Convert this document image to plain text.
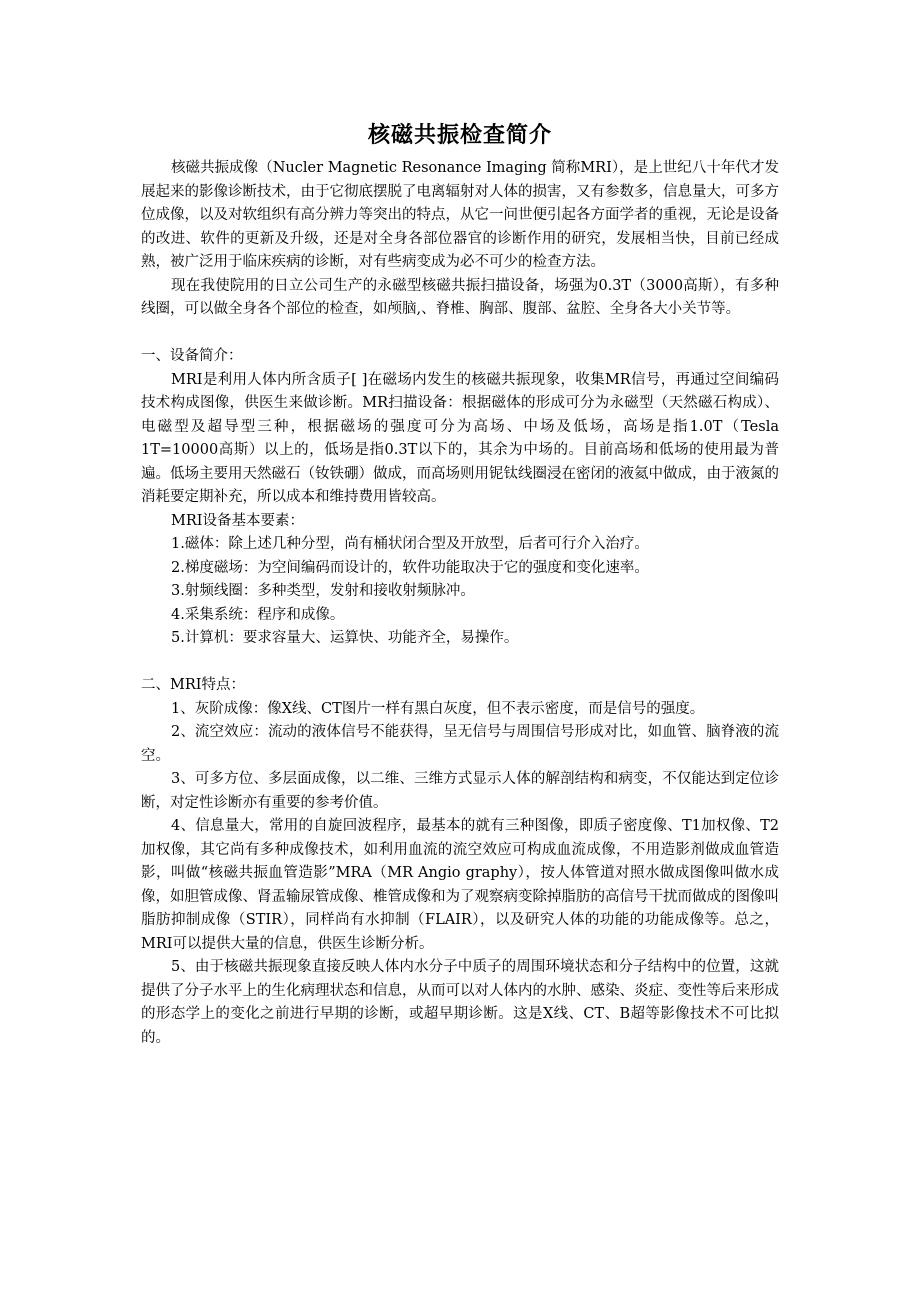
核磁共振检查简介

核磁共振成像（Nucler Magnetic Resonance Imaging 简称MRI），是上世纪八十年代才发展起来的影像诊断技术，由于它彻底摆脱了电离辐射对人体的损害，又有参数多，信息量大，可多方位成像，以及对软组织有高分辨力等突出的特点，从它一问世便引起各方面学者的重视，无论是设备的改进、软件的更新及升级，还是对全身各部位器官的诊断作用的研究，发展相当快，目前已经成熟，被广泛用于临床疾病的诊断，对有些病变成为必不可少的检查方法。

现在我使院用的日立公司生产的永磁型核磁共振扫描设备，场强为0.3T（3000高斯），有多种线圈，可以做全身各个部位的检查，如颅脑,、脊椎、胸部、腹部、盆腔、全身各大小关节等。

一、设备简介：

MRI是利用人体内所含质子[ ]在磁场内发生的核磁共振现象，收集MR信号，再通过空间编码技术构成图像，供医生来做诊断。MR扫描设备：根据磁体的形成可分为永磁型（天然磁石构成）、电磁型及超导型三种，根据磁场的强度可分为高场、中场及低场，高场是指1.0T（Tesla 1T=10000高斯）以上的，低场是指0.3T以下的，其余为中场的。目前高场和低场的使用最为普遍。低场主要用天然磁石（钕铁硼）做成，而高场则用铌钛线圈浸在密闭的液氦中做成，由于液氮的消耗要定期补充，所以成本和维持费用皆较高。

MRI设备基本要素：

1.磁体：除上述几种分型，尚有桶状闭合型及开放型，后者可行介入治疗。

2.梯度磁场：为空间编码而设计的，软件功能取决于它的强度和变化速率。

3.射频线圈：多种类型，发射和接收射频脉冲。

4.采集系统：程序和成像。

5.计算机：要求容量大、运算快、功能齐全，易操作。

二、MRI特点：

1、灰阶成像：像X线、CT图片一样有黑白灰度，但不表示密度，而是信号的强度。

2、流空效应：流动的液体信号不能获得，呈无信号与周围信号形成对比，如血管、脑脊液的流空。

3、可多方位、多层面成像，以二维、三维方式显示人体的解剖结构和病变，不仅能达到定位诊断，对定性诊断亦有重要的参考价值。

4、信息量大，常用的自旋回波程序，最基本的就有三种图像，即质子密度像、T1加权像、T2加权像，其它尚有多种成像技术，如利用血流的流空效应可构成血流成像，不用造影剂做成血管造影，叫做“核磁共振血管造影”MRA（MR Angio graphy），按人体管道对照水做成图像叫做水成像，如胆管成像、肾盂输尿管成像、椎管成像和为了观察病变除掉脂肪的高信号干扰而做成的图像叫脂肪抑制成像（STIR），同样尚有水抑制（FLAIR），以及研究人体的功能的功能成像等。总之，MRI可以提供大量的信息，供医生诊断分析。

5、由于核磁共振现象直接反映人体内水分子中质子的周围环境状态和分子结构中的位置，这就提供了分子水平上的生化病理状态和信息，从而可以对人体内的水肿、感染、炎症、变性等后来形成的形态学上的变化之前进行早期的诊断，或超早期诊断。这是X线、CT、B超等影像技术不可比拟的。
